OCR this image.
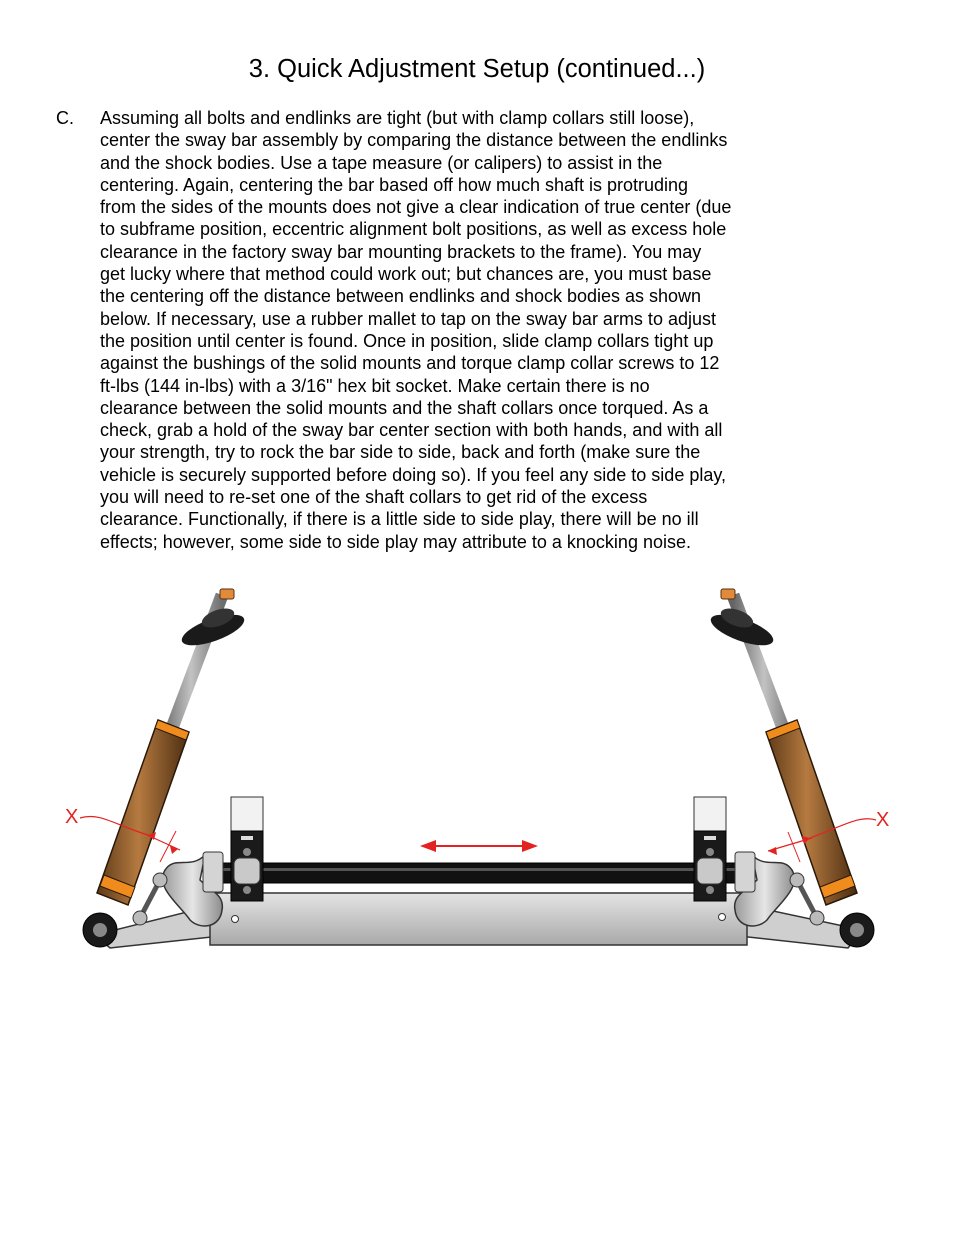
3. Quick Adjustment Setup (continued...)
C. Assuming all bolts and endlinks are tight (but with clamp collars still loose),
center the sway bar assembly by comparing the distance between the endlinks
and the shock bodies. Use a tape measure (or calipers) to assist in the
centering. Again, centering the bar based off how much shaft is protruding
from the sides of the mounts does not give a clear indication of true center (due
to subframe position, eccentric alignment bolt positions, as well as excess hole
clearance in the factory sway bar mounting brackets to the frame). You may
get lucky where that method could work out; but chances are, you must base
the centering off the distance between endlinks and shock bodies as shown
below. If necessary, use a rubber mallet to tap on the sway bar arms to adjust
the position until center is found. Once in position, slide clamp collars tight up
against the bushings of the solid mounts and torque clamp collar screws to 12
ft-lbs (144 in-lbs) with a 3/16" hex bit socket. Make certain there is no
clearance between the solid mounts and the shaft collars once torqued. As a
check, grab a hold of the sway bar center section with both hands, and with all
your strength, try to rock the bar side to side, back and forth (make sure the
vehicle is securely supported before doing so). If you feel any side to side play,
you will need to re-set one of the shaft collars to get rid of the excess
clearance. Functionally, if there is a little side to side play, there will be no ill
effects; however, some side to side play may attribute to a knocking noise.

X	X
